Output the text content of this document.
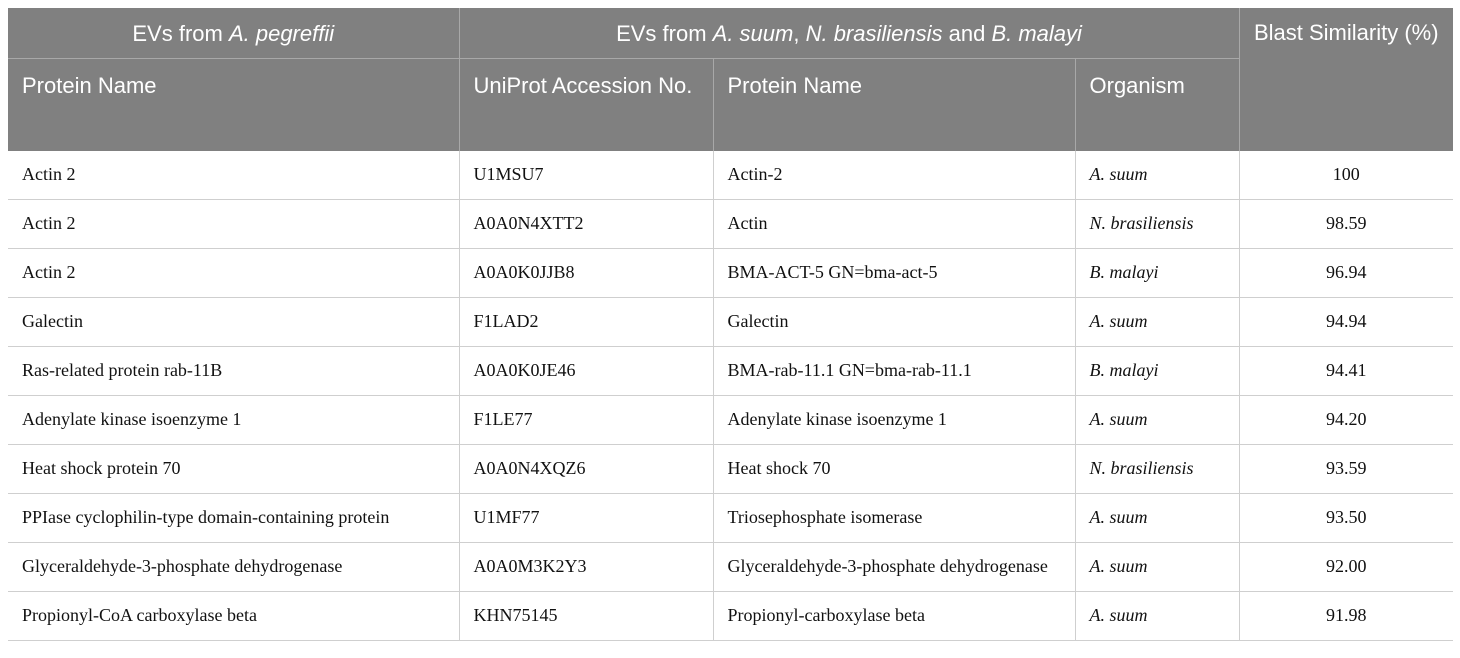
EVs from A. pegreffii	EVs from A. suum, N. brasiliensis and B. malayi			Blast Similarity (%)
Protein Name	UniProt Accession No.	Protein Name	Organism	
Actin 2	U1MSU7	Actin-2	A. suum	100
Actin 2	A0A0N4XTT2	Actin	N. brasiliensis	98.59
Actin 2	A0A0K0JJB8	BMA-ACT-5 GN=bma-act-5	B. malayi	96.94
Galectin	F1LAD2	Galectin	A. suum	94.94
Ras-related protein rab-11B	A0A0K0JE46	BMA-rab-11.1 GN=bma-rab-11.1	B. malayi	94.41
Adenylate kinase isoenzyme 1	F1LE77	Adenylate kinase isoenzyme 1	A. suum	94.20
Heat shock protein 70	A0A0N4XQZ6	Heat shock 70	N. brasiliensis	93.59
PPIase cyclophilin-type domain-containing protein	U1MF77	Triosephosphate isomerase	A. suum	93.50
Glyceraldehyde-3-phosphate dehydrogenase	A0A0M3K2Y3	Glyceraldehyde-3-phosphate dehydrogenase	A. suum	92.00
Propionyl-CoA carboxylase beta	KHN75145	Propionyl-carboxylase beta	A. suum	91.98
